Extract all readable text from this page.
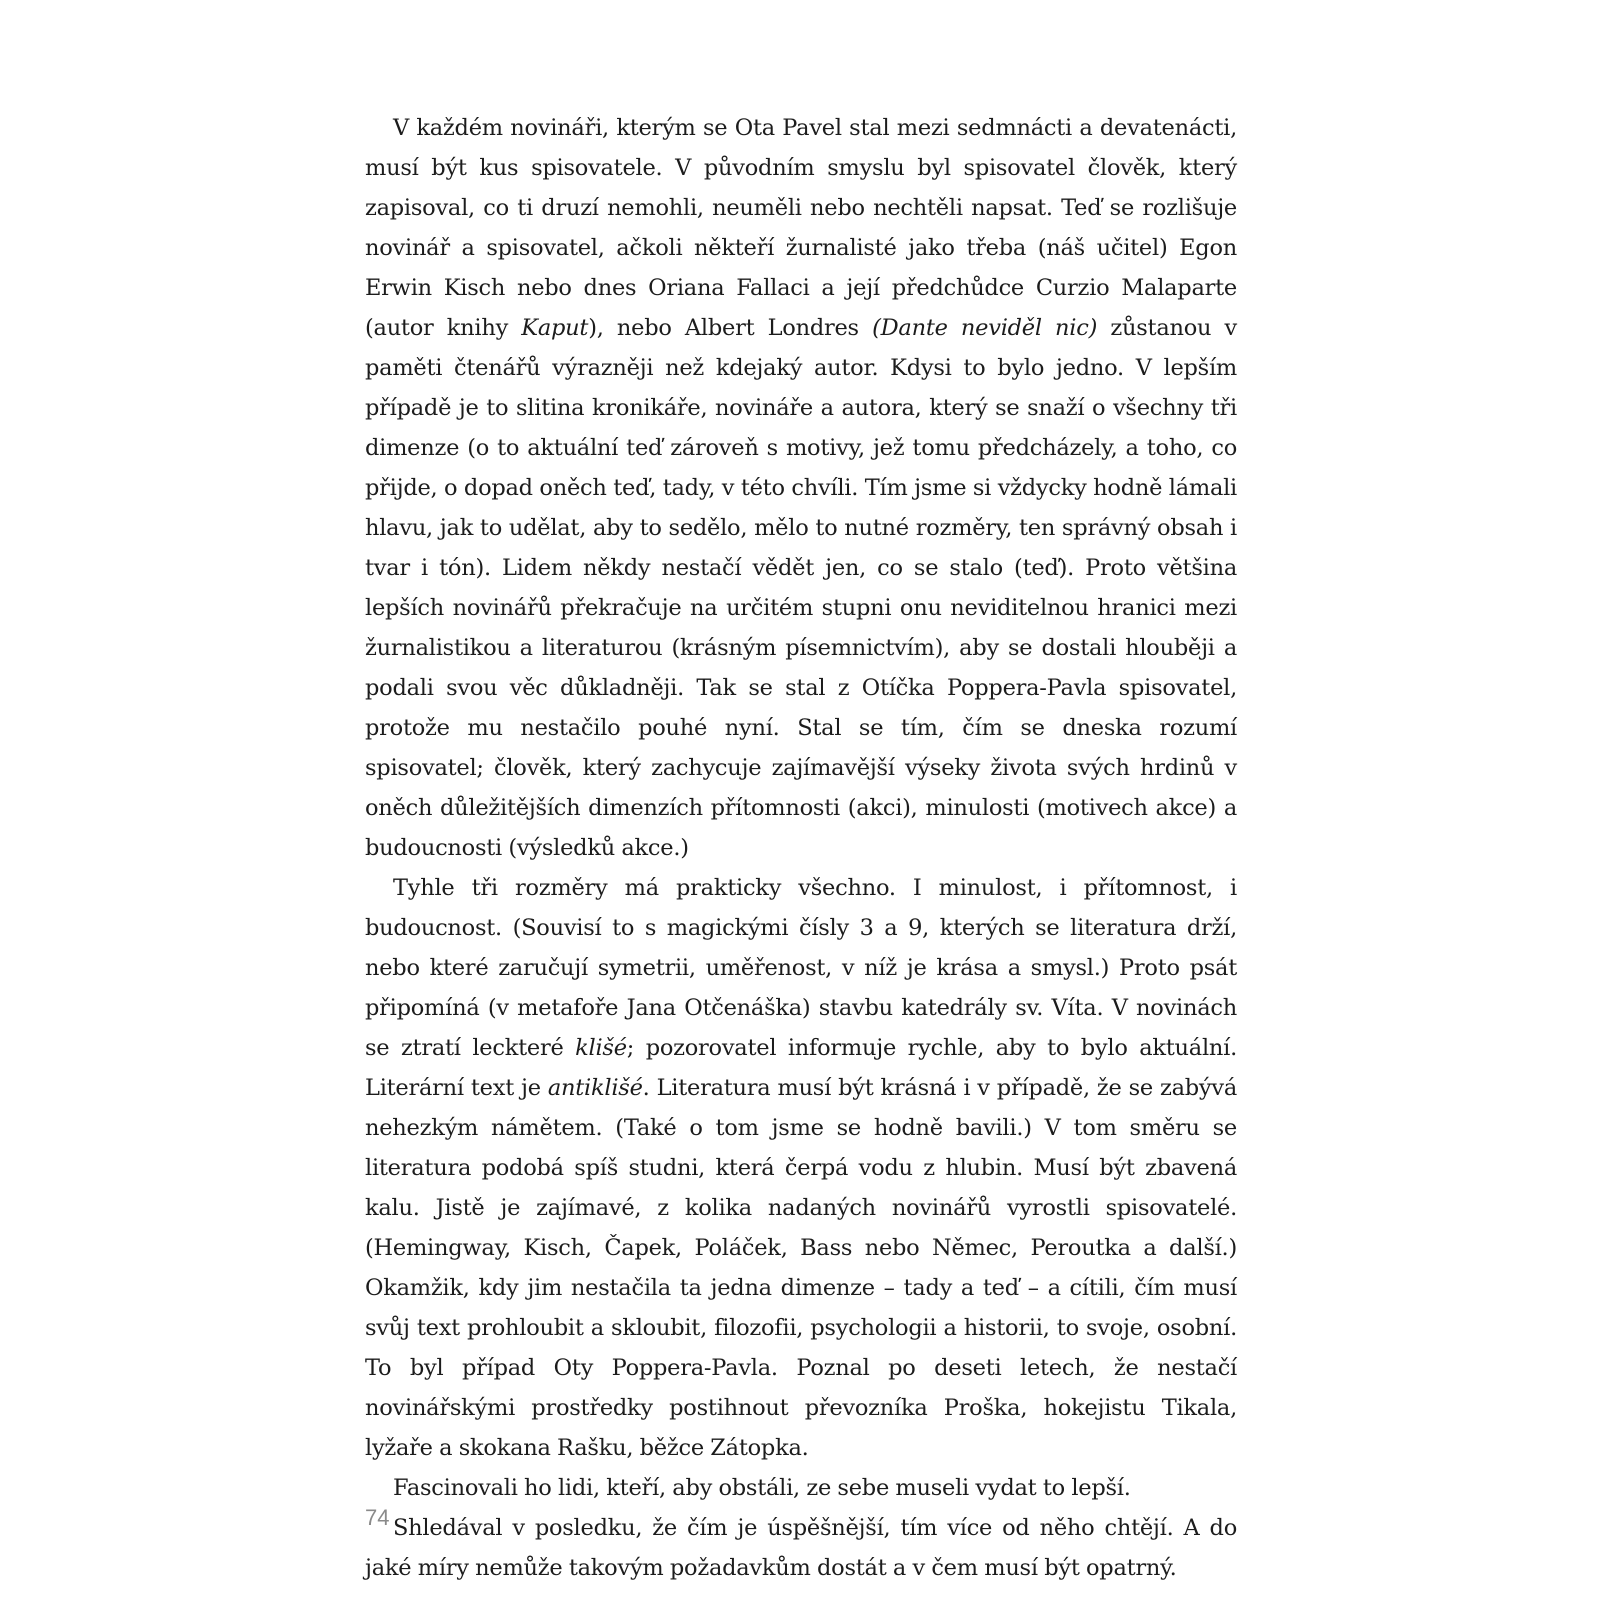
V každém novináři, kterým se Ota Pavel stal mezi sedmnácti a devatenácti, musí být kus spisovatele. V původním smyslu byl spisovatel člověk, který zapisoval, co ti druzí nemohli, neuměli nebo nechtěli napsat. Teď se rozlišuje novinář a spisovatel, ačkoli někteří žurnalisté jako třeba (náš učitel) Egon Erwin Kisch nebo dnes Oriana Fallaci a její předchůdce Curzio Malaparte (autor knihy Kaput), nebo Albert Londres (Dante neviděl nic) zůstanou v paměti čtenářů výrazněji než kdejaký autor. Kdysi to bylo jedno. V lepším případě je to slitina kronikáře, novináře a autora, který se snaží o všechny tři dimenze (o to aktuální teď zároveň s motivy, jež tomu předcházely, a toho, co přijde, o dopad oněch teď, tady, v této chvíli. Tím jsme si vždycky hodně lámali hlavu, jak to udělat, aby to sedělo, mělo to nutné rozměry, ten správný obsah i tvar i tón). Lidem někdy nestačí vědět jen, co se stalo (teď). Proto většina lepších novinářů překračuje na určitém stupni onu neviditelnou hranici mezi žurnalistikou a literaturou (krásným písemnictvím), aby se dostali hlouběji a podali svou věc důkladněji. Tak se stal z Otíčka Poppera-Pavla spisovatel, protože mu nestačilo pouhé nyní. Stal se tím, čím se dneska rozumí spisovatel; člověk, který zachycuje zajímavější výseky života svých hrdinů v oněch důležitějších dimenzích přítomnosti (akci), minulosti (motivech akce) a budoucnosti (výsledků akce.)

Tyhle tři rozměry má prakticky všechno. I minulost, i přítomnost, i budoucnost. (Souvisí to s magickými čísly 3 a 9, kterých se literatura drží, nebo které zaručují symetrii, uměřenost, v níž je krása a smysl.) Proto psát připomíná (v metafoře Jana Otčenáška) stavbu katedrály sv. Víta. V novinách se ztratí leckteré klišé; pozorovatel informuje rychle, aby to bylo aktuální. Literární text je antiklišé. Literatura musí být krásná i v případě, že se zabývá nehezkým námětem. (Také o tom jsme se hodně bavili.) V tom směru se literatura podobá spíš studni, která čerpá vodu z hlubin. Musí být zbavená kalu. Jistě je zajímavé, z kolika nadaných novinářů vyrostli spisovatelé. (Hemingway, Kisch, Čapek, Poláček, Bass nebo Němec, Peroutka a další.) Okamžik, kdy jim nestačila ta jedna dimenze – tady a teď – a cítili, čím musí svůj text prohloubit a skloubit, filozofii, psychologii a historii, to svoje, osobní. To byl případ Oty Poppera-Pavla. Poznal po deseti letech, že nestačí novinářskými prostředky postihnout převozníka Proška, hokejistu Tikala, lyžaře a skokana Rašku, běžce Zátopka.

Fascinovali ho lidi, kteří, aby obstáli, ze sebe museli vydat to lepší.

Shledával v posledku, že čím je úspěšnější, tím více od něho chtějí. A do jaké míry nemůže takovým požadavkům dostát a v čem musí být opatrný.

74
